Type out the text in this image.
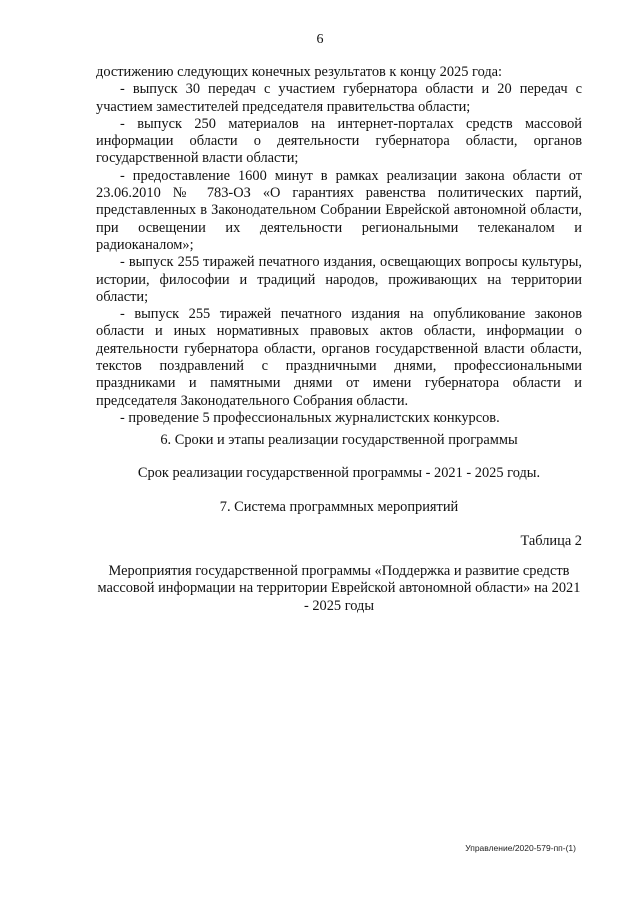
6

достижению следующих конечных результатов к концу 2025 года:

- выпуск 30 передач с участием губернатора области и 20 передач с участием заместителей председателя правительства области;

- выпуск 250 материалов на интернет-порталах средств массовой информации области о деятельности губернатора области, органов государственной власти области;

- предоставление 1600 минут в рамках реализации закона области от 23.06.2010 № 783-ОЗ «О гарантиях равенства политических партий, представленных в Законодательном Собрании Еврейской автономной области, при освещении их деятельности региональными телеканалом и радиоканалом»;

- выпуск 255 тиражей печатного издания, освещающих вопросы культуры, истории, философии и традиций народов, проживающих на территории области;

- выпуск 255 тиражей печатного издания на опубликование законов области и иных нормативных правовых актов области, информации о деятельности губернатора области, органов государственной власти области, текстов поздравлений с праздничными днями, профессиональными праздниками и памятными днями от имени губернатора области и председателя Законодательного Собрания области.

- проведение 5 профессиональных журналистских конкурсов.

6. Сроки и этапы реализации государственной программы
Срок реализации государственной программы - 2021 - 2025 годы.
7. Система программных мероприятий
Таблица 2
Мероприятия государственной программы «Поддержка и развитие средств массовой информации на территории Еврейской автономной области» на 2021 - 2025 годы
Управление/2020-579-пп-(1)
